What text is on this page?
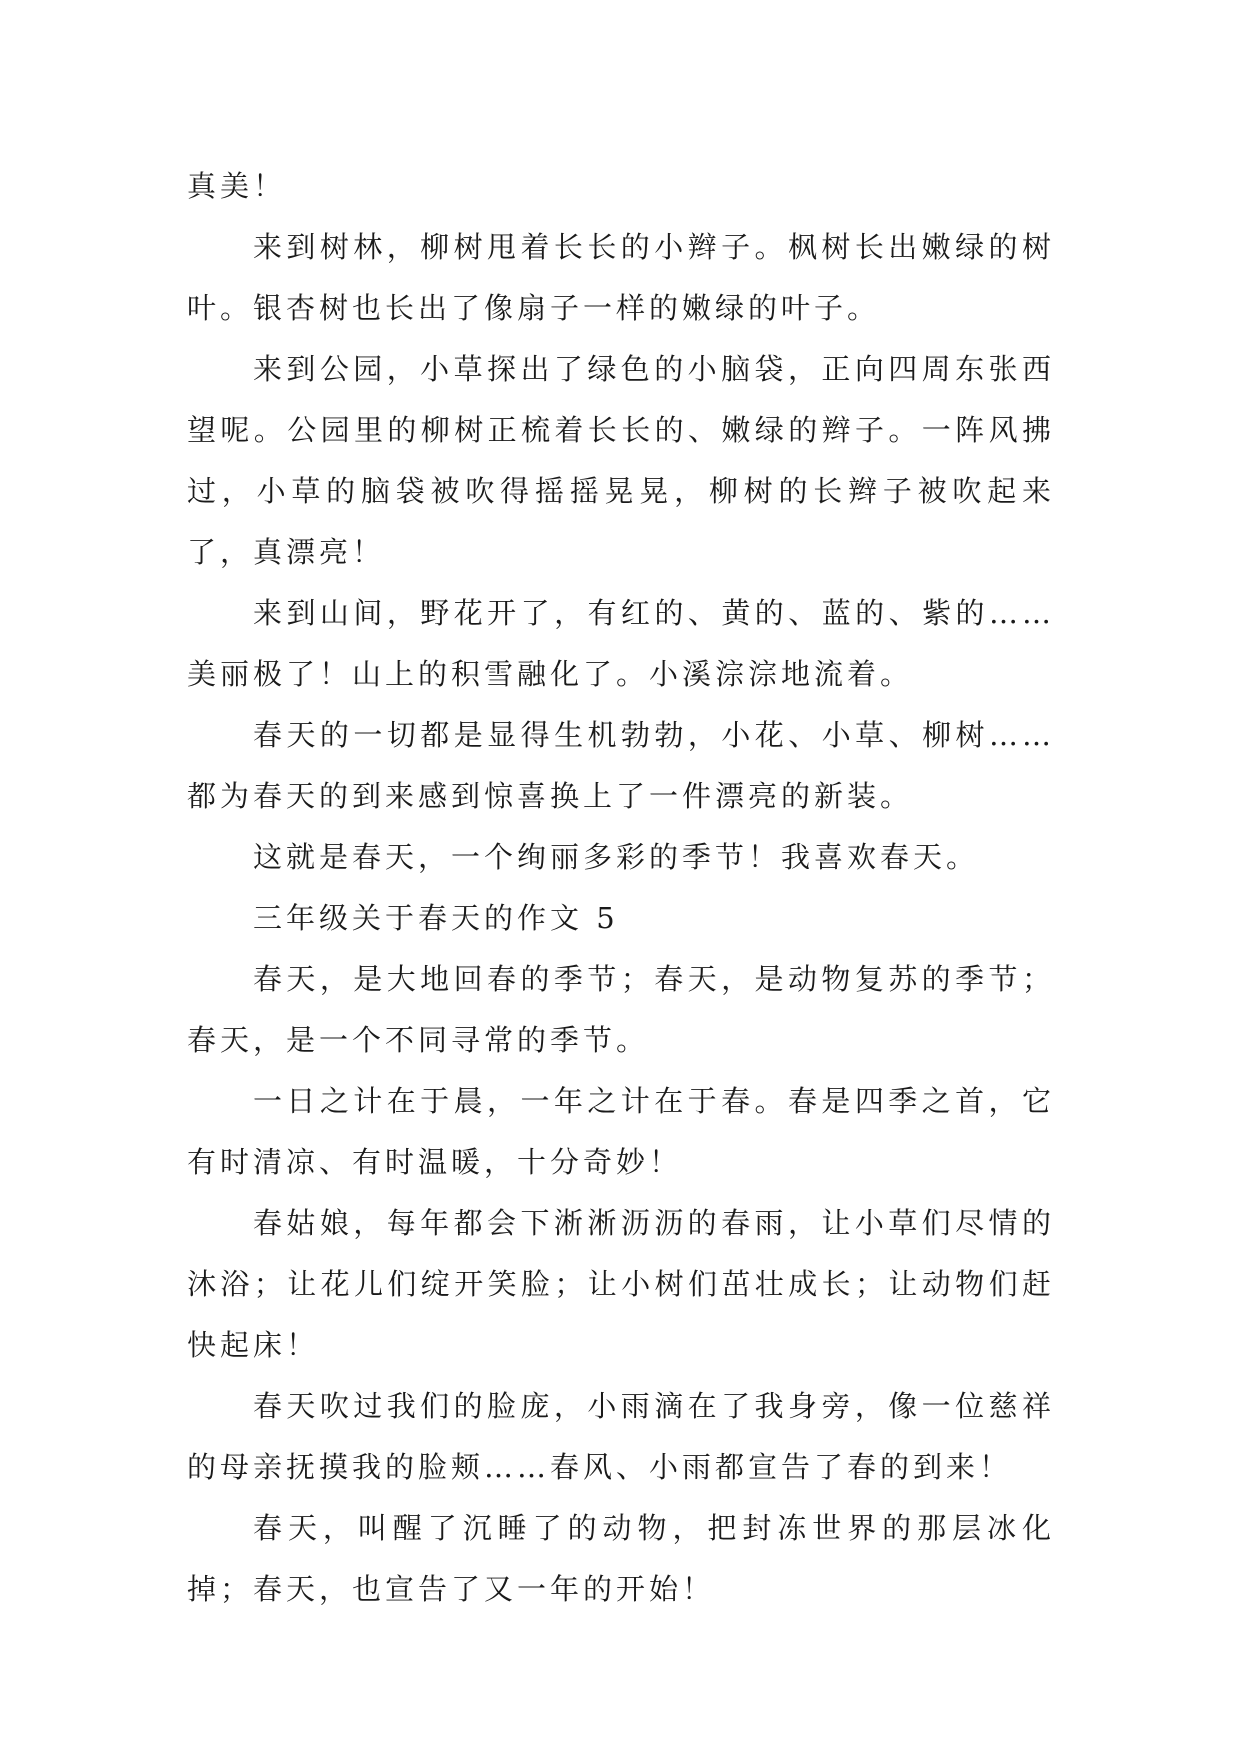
真美！

来到树林，柳树甩着长长的小辫子。枫树长出嫩绿的树叶。银杏树也长出了像扇子一样的嫩绿的叶子。

来到公园，小草探出了绿色的小脑袋，正向四周东张西望呢。公园里的柳树正梳着长长的、嫩绿的辫子。一阵风拂过，小草的脑袋被吹得摇摇晃晃，柳树的长辫子被吹起来了，真漂亮！

来到山间，野花开了，有红的、黄的、蓝的、紫的……美丽极了！山上的积雪融化了。小溪淙淙地流着。

春天的一切都是显得生机勃勃，小花、小草、柳树……都为春天的到来感到惊喜换上了一件漂亮的新装。

这就是春天，一个绚丽多彩的季节！我喜欢春天。

三年级关于春天的作文 5

春天，是大地回春的季节；春天，是动物复苏的季节；春天，是一个不同寻常的季节。

一日之计在于晨，一年之计在于春。春是四季之首，它有时清凉、有时温暖，十分奇妙！

春姑娘，每年都会下淅淅沥沥的春雨，让小草们尽情的沐浴；让花儿们绽开笑脸；让小树们茁壮成长；让动物们赶快起床！

春天吹过我们的脸庞，小雨滴在了我身旁，像一位慈祥的母亲抚摸我的脸颊……春风、小雨都宣告了春的到来！

春天，叫醒了沉睡了的动物，把封冻世界的那层冰化掉；春天，也宣告了又一年的开始！
